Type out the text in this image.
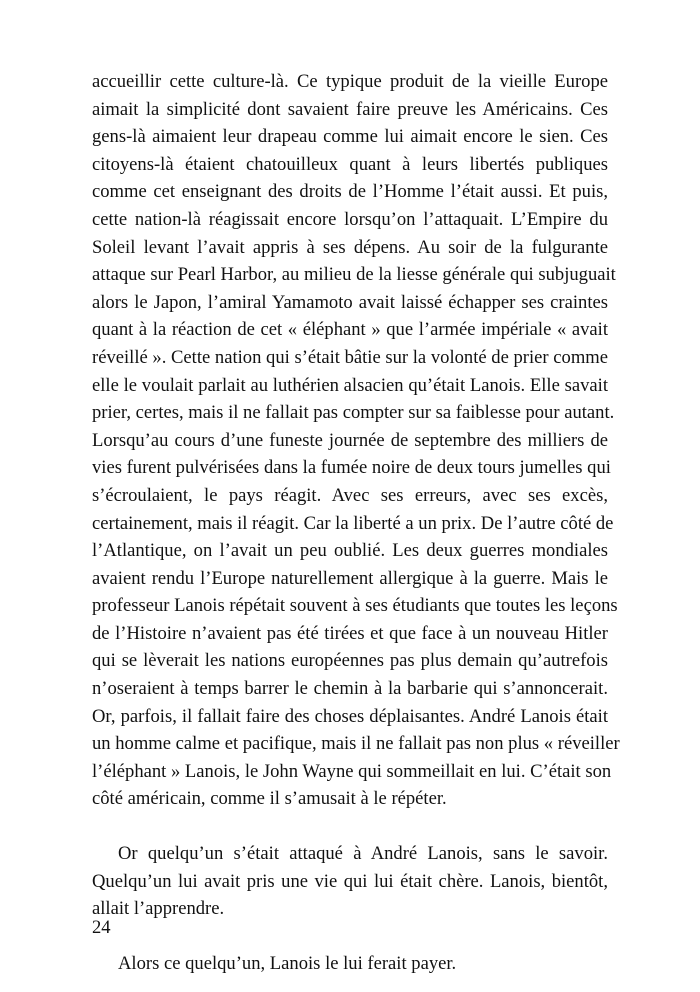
accueillir cette culture-là. Ce typique produit de la vieille Europe
aimait la simplicité dont savaient faire preuve les Américains. Ces
gens-là aimaient leur drapeau comme lui aimait encore le sien. Ces
citoyens-là étaient chatouilleux quant à leurs libertés publiques
comme cet enseignant des droits de l’Homme l’était aussi. Et puis,
cette nation-là réagissait encore lorsqu’on l’attaquait. L’Empire du
Soleil levant l’avait appris à ses dépens. Au soir de la fulgurante
attaque sur Pearl Harbor, au milieu de la liesse générale qui subjuguait
alors le Japon, l’amiral Yamamoto avait laissé échapper ses craintes
quant à la réaction de cet « éléphant » que l’armée impériale « avait
réveillé ». Cette nation qui s’était bâtie sur la volonté de prier comme
elle le voulait parlait au luthérien alsacien qu’était Lanois. Elle savait
prier, certes, mais il ne fallait pas compter sur sa faiblesse pour autant.
Lorsqu’au cours d’une funeste journée de septembre des milliers de
vies furent pulvérisées dans la fumée noire de deux tours jumelles qui
s’écroulaient, le pays réagit. Avec ses erreurs, avec ses excès,
certainement, mais il réagit. Car la liberté a un prix. De l’autre côté de
l’Atlantique, on l’avait un peu oublié. Les deux guerres mondiales
avaient rendu l’Europe naturellement allergique à la guerre. Mais le
professeur Lanois répétait souvent à ses étudiants que toutes les leçons
de l’Histoire n’avaient pas été tirées et que face à un nouveau Hitler
qui se lèverait les nations européennes pas plus demain qu’autrefois
n’oseraient à temps barrer le chemin à la barbarie qui s’annoncerait.
Or, parfois, il fallait faire des choses déplaisantes. André Lanois était
un homme calme et pacifique, mais il ne fallait pas non plus « réveiller
l’éléphant » Lanois, le John Wayne qui sommeillait en lui. C’était son
côté américain, comme il s’amusait à le répéter.

Or quelqu’un s’était attaqué à André Lanois, sans le savoir.
Quelqu’un lui avait pris une vie qui lui était chère. Lanois, bientôt,
allait l’apprendre.

Alors ce quelqu’un, Lanois le lui ferait payer.

24
